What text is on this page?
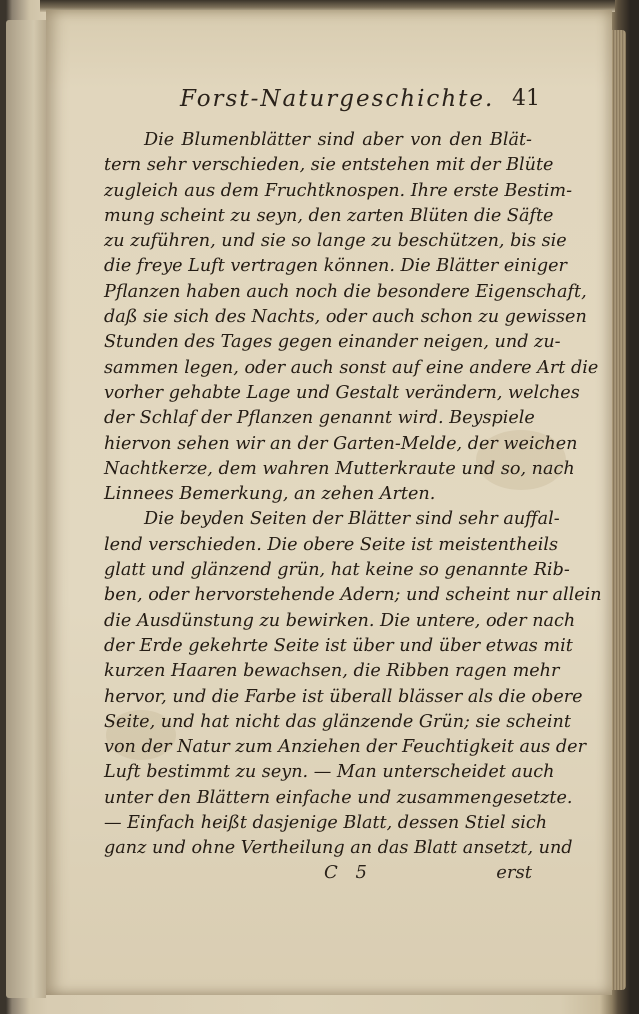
Forst-Naturgeschichte. 41
Die Blumenblätter sind aber von den Blät-
tern sehr verschieden, sie entstehen mit der Blüte
zugleich aus dem Fruchtknospen. Ihre erste Bestim-
mung scheint zu seyn, den zarten Blüten die Säfte
zu zuführen, und sie so lange zu beschützen, bis sie
die freye Luft vertragen können. Die Blätter einiger
Pflanzen haben auch noch die besondere Eigenschaft,
daß sie sich des Nachts, oder auch schon zu gewissen
Stunden des Tages gegen einander neigen, und zu-
sammen legen, oder auch sonst auf eine andere Art die
vorher gehabte Lage und Gestalt verändern, welches
der Schlaf der Pflanzen genannt wird. Beyspiele
hiervon sehen wir an der Garten-Melde, der weichen
Nachtkerze, dem wahren Mutterkraute und so, nach
Linnees Bemerkung, an zehen Arten.
Die beyden Seiten der Blätter sind sehr auffal-
lend verschieden. Die obere Seite ist meistentheils
glatt und glänzend grün, hat keine so genannte Rib-
ben, oder hervorstehende Adern; und scheint nur allein
die Ausdünstung zu bewirken. Die untere, oder nach
der Erde gekehrte Seite ist über und über etwas mit
kurzen Haaren bewachsen, die Ribben ragen mehr
hervor, und die Farbe ist überall blässer als die obere
Seite, und hat nicht das glänzende Grün; sie scheint
von der Natur zum Anziehen der Feuchtigkeit aus der
Luft bestimmt zu seyn. — Man unterscheidet auch
unter den Blättern einfache und zusammengesetzte.
— Einfach heißt dasjenige Blatt, dessen Stiel sich
ganz und ohne Vertheilung an das Blatt ansetzt, und
C 5	erst
